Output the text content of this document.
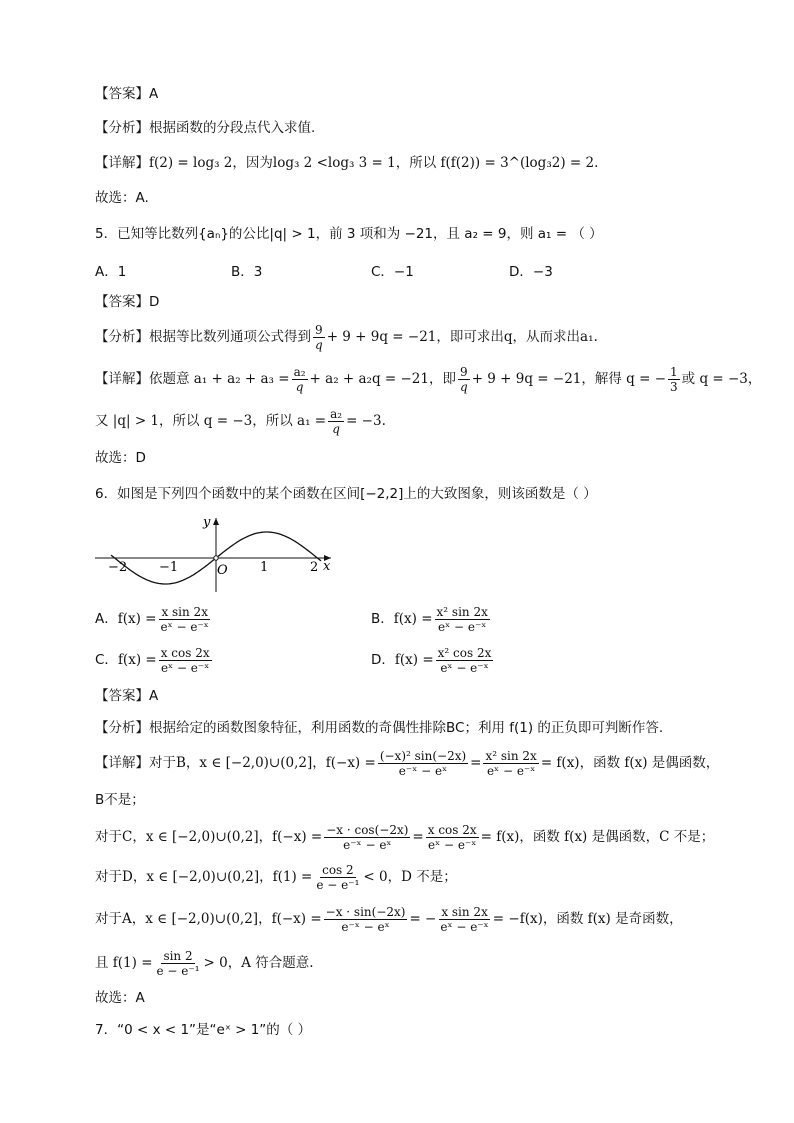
【答案】A
【分析】根据函数的分段点代入求值.
【详解】f(2) = log₃ 2，因为log₃ 2 <log₃ 3 = 1，所以 f(f(2)) = 3^(log₃2) = 2.
故选：A.
5．已知等比数列{aₙ}的公比|q| > 1，前 3 项和为 −21，且 a₂ = 9，则 a₁ = （ ）
A．1	B．3	C．−1	D．−3
【答案】D
【分析】根据等比数列通项公式得到 $\frac{9}{q} + 9 + 9q = -21$，即可求出q，从而求出a₁.
【详解】依题意 $a_1 + a_2 + a_3 = \frac{\text{a₂}}{q} + a_2 + a_2q = -21$，即 $\frac{9}{q} + 9 + 9q = -21$，解得 q = − $\frac{1}{3}$ 或 q = −3，
又 |q| > 1，所以 q = −3，所以 $a_1 = \frac{\text{a₂}}{q} = -3$.
故选：D
6．如图是下列四个函数中的某个函数在区间[−2,2]上的大致图象，则该函数是（ ）
y
x
O
−2 −1	1	2
A．$f(x) = \frac{\text{x sin 2x}}{\text{eˣ − e⁻ˣ}}$	B．$f(x) = \frac{\text{x² sin 2x}}{\text{eˣ − e⁻ˣ}}$
C．$f(x) = \frac{\text{x cos 2x}}{\text{eˣ − e⁻ˣ}}$	D．$f(x) = \frac{\text{x² cos 2x}}{\text{eˣ − e⁻ˣ}}$
【答案】A
【分析】根据给定的函数图象特征，利用函数的奇偶性排除BC；利用 f(1) 的正负即可判断作答.
【详解】对于B，x ∈ [−2,0)∪(0,2]，$f(-x) = \frac{\text{(−x)² sin(−2x)}}{\text{e⁻ˣ − eˣ}} = \frac{\text{x² sin 2x}}{\text{eˣ − e⁻ˣ}} = f(x)$，函数 f(x) 是偶函数，
B不是；
对于C，x ∈ [−2,0)∪(0,2]，$f(-x) = \frac{-x \cdot \cos(-2x)}{\text{e⁻ˣ − eˣ}} = \frac{\text{x cos 2x}}{\text{eˣ − e⁻ˣ}} = f(x)$，函数 f(x) 是偶函数，C 不是；
对于D，x ∈ [−2,0)∪(0,2]，$f(1) = \frac{\cos 2}{\text{e − e⁻¹}} < 0$，D 不是；
对于A，x ∈ [−2,0)∪(0,2]，$f(-x) = \frac{-x \cdot \sin(-2x)}{\text{e⁻ˣ − eˣ}}$ = − $\frac{\text{x sin 2x}}{\text{eˣ − e⁻ˣ}} = -f(x)$，函数 f(x) 是奇函数，
且 $f(1) = \frac{\sin 2}{\text{e − e⁻¹}} > 0$，A 符合题意.
故选：A
7．“0 < x < 1”是“eˣ > 1”的（ ）
